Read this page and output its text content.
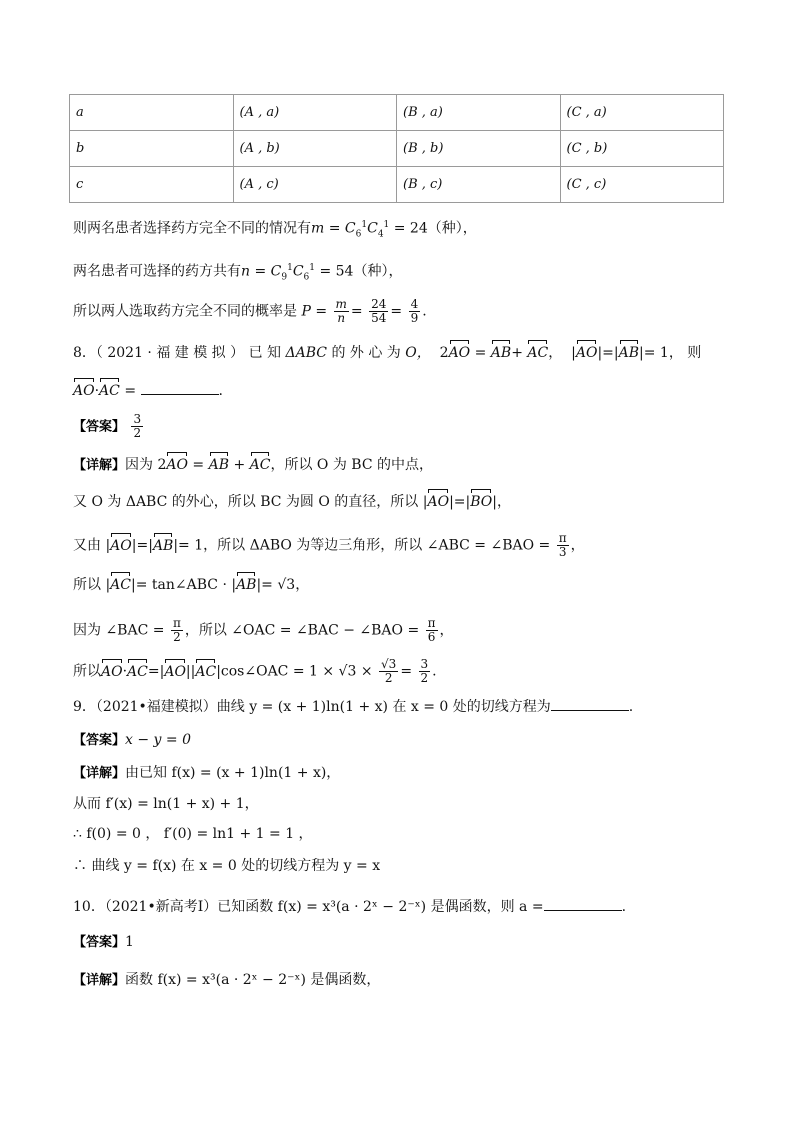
a	(A , a)	(B , a)	(C , a)
b	(A , b)	(B , b)	(C , b)
c	(A , c)	(B , c)	(C , c)
则两名患者选择药方完全不同的情况有$m = C_6^1C_4^1 = 24$（种），
两名患者可选择的药方共有$n = C_9^1C_6^1 = 54$（种），
所以两人选取药方完全不同的概率是 $P = \frac{m}{n} = \frac{24}{54} = \frac{4}{9}$ .
8．（ 2021 · 福 建 模 拟 ） 已 知 ΔABC 的 外 心 为 O， 2AO = AB+ AC， |AO|=|AB|= 1， 则
AO·AC =	.
【答案】 $\frac{3}{2}$
【详解】因为 2AO = AB + AC，所以 O 为 BC 的中点，
又 O 为 ΔABC 的外心，所以 BC 为圆 O 的直径，所以 |AO|=|BO|，
又由 |AO|=|AB|= 1，所以 ΔABO 为等边三角形，所以 ∠ABC = ∠BAO = $\frac{\pi}{3}$ ，
所以 |AC|= tan∠ABC · |AB|= √3，
因为 ∠BAC = $\frac{\pi}{2}$ ，所以 ∠OAC = ∠BAC − ∠BAO = $\frac{\pi}{6}$ ，
所以AO·AC=|AO||AC|cos∠OAC = $1 \times √3 \times \frac{√3}{2} = \frac{3}{2}$ .
9．（2021•福建模拟）曲线 y = (x + 1)ln(1 + x) 在 x = 0 处的切线方程为	.
【答案】x − y = 0
【详解】由已知 f(x) = (x + 1)ln(1 + x)，
从而 f′(x) = ln(1 + x) + 1，
∴ f(0) = 0 ， f′(0) = ln1 + 1 = 1 ，
∴ 曲线 y = f(x) 在 x = 0 处的切线方程为 y = x
10．（2021•新高考Ⅰ）已知函数 f(x) = x³(a · 2ˣ − 2⁻ˣ) 是偶函数，则 a =	.
【答案】1
【详解】函数 f(x) = x³(a · 2ˣ − 2⁻ˣ) 是偶函数，
